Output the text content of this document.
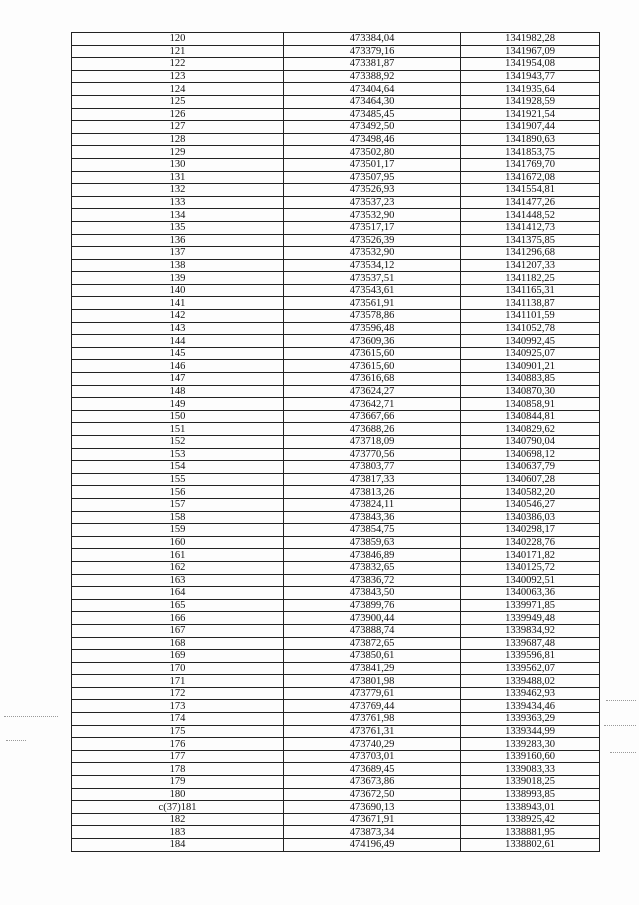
120	473384,04	1341982,28
121	473379,16	1341967,09
122	473381,87	1341954,08
123	473388,92	1341943,77
124	473404,64	1341935,64
125	473464,30	1341928,59
126	473485,45	1341921,54
127	473492,50	1341907,44
128	473498,46	1341890,63
129	473502,80	1341853,75
130	473501,17	1341769,70
131	473507,95	1341672,08
132	473526,93	1341554,81
133	473537,23	1341477,26
134	473532,90	1341448,52
135	473517,17	1341412,73
136	473526,39	1341375,85
137	473532,90	1341296,68
138	473534,12	1341207,33
139	473537,51	1341182,25
140	473543,61	1341165,31
141	473561,91	1341138,87
142	473578,86	1341101,59
143	473596,48	1341052,78
144	473609,36	1340992,45
145	473615,60	1340925,07
146	473615,60	1340901,21
147	473616,68	1340883,85
148	473624,27	1340870,30
149	473642,71	1340858,91
150	473667,66	1340844,81
151	473688,26	1340829,62
152	473718,09	1340790,04
153	473770,56	1340698,12
154	473803,77	1340637,79
155	473817,33	1340607,28
156	473813,26	1340582,20
157	473824,11	1340546,27
158	473843,36	1340386,03
159	473854,75	1340298,17
160	473859,63	1340228,76
161	473846,89	1340171,82
162	473832,65	1340125,72
163	473836,72	1340092,51
164	473843,50	1340063,36
165	473899,76	1339971,85
166	473900,44	1339949,48
167	473888,74	1339834,92
168	473872,65	1339687,48
169	473850,61	1339596,81
170	473841,29	1339562,07
171	473801,98	1339488,02
172	473779,61	1339462,93
173	473769,44	1339434,46
174	473761,98	1339363,29
175	473761,31	1339344,99
176	473740,29	1339283,30
177	473703,01	1339160,60
178	473689,45	1339083,33
179	473673,86	1339018,25
180	473672,50	1338993,85
c(37)181	473690,13	1338943,01
182	473671,91	1338925,42
183	473873,34	1338881,95
184	474196,49	1338802,61
